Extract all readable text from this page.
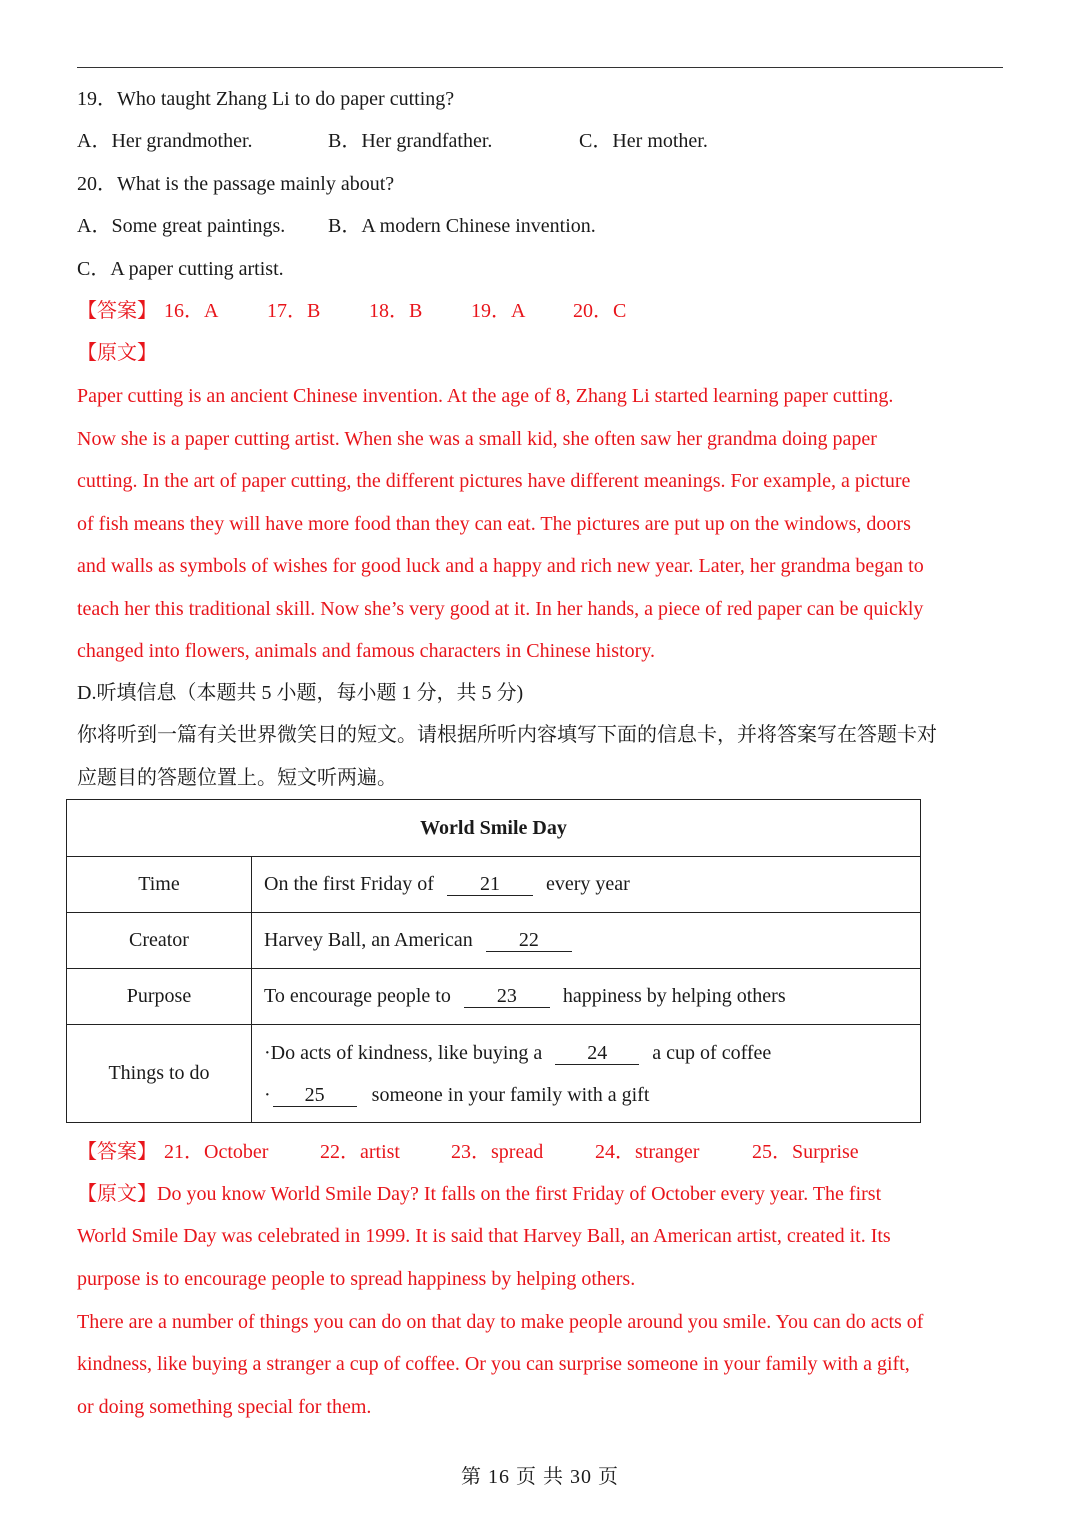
19．Who taught Zhang Li to do paper cutting?
A．Her grandmother.	B．Her grandfather.	C．Her mother.
20．What is the passage mainly about?
A．Some great paintings. B．A modern Chinese invention.
C．A paper cutting artist.
【答案】 16．A 17．B 18．B 19．A 20．C
【原文】
Paper cutting is an ancient Chinese invention. At the age of 8, Zhang Li started learning paper cutting.
Now she is a paper cutting artist. When she was a small kid, she often saw her grandma doing paper
cutting. In the art of paper cutting, the different pictures have different meanings. For example, a picture
of fish means they will have more food than they can eat. The pictures are put up on the windows, doors
and walls as symbols of wishes for good luck and a happy and rich new year. Later, her grandma began to
teach her this traditional skill. Now she’s very good at it. In her hands, a piece of red paper can be quickly
changed into flowers, animals and famous characters in Chinese history.
D.听填信息（本题共 5 小题，每小题 1 分，共 5 分)
你将听到一篇有关世界微笑日的短文。请根据所听内容填写下面的信息卡，并将答案写在答题卡对
应题目的答题位置上。短文听两遍。
World Smile Day	
Time	On the first Friday of 21 every year
Creator	Harvey Ball, an American 22
Purpose	To encourage people to 23 happiness by helping others
Things to do	·Do acts of kindness, like buying a 24 a cup of coffee
· 25 someone in your family with a gift
【答案】 21．October	22．artist	23．spread	24．stranger	25．Surprise
【原文】Do you know World Smile Day? It falls on the first Friday of October every year. The first
World Smile Day was celebrated in 1999. It is said that Harvey Ball, an American artist, created it. Its
purpose is to encourage people to spread happiness by helping others.
There are a number of things you can do on that day to make people around you smile. You can do acts of
kindness, like buying a stranger a cup of coffee. Or you can surprise someone in your family with a gift,
or doing something special for them.
第 16 页 共 30 页
